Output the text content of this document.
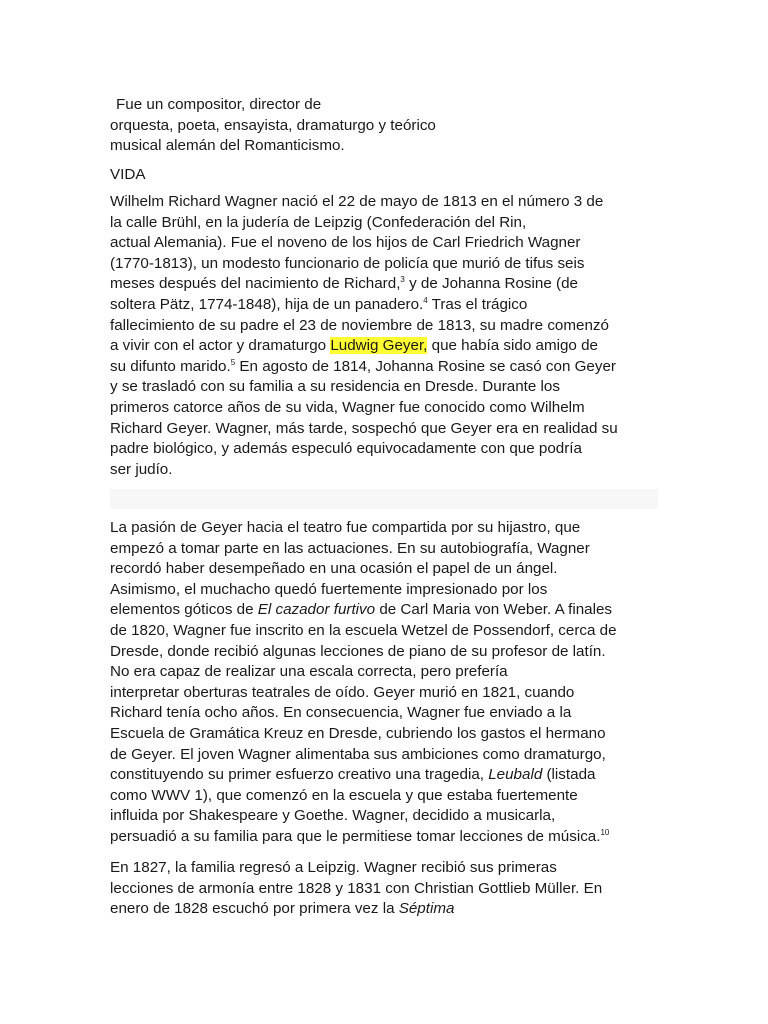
Fue un compositor, director de
orquesta, poeta, ensayista, dramaturgo y teórico
musical alemán del Romanticismo.
VIDA
Wilhelm Richard Wagner nació el 22 de mayo de 1813 en el número 3 de
la calle Brühl, en la judería de Leipzig (Confederación del Rin,
actual Alemania). Fue el noveno de los hijos de Carl Friedrich Wagner
(1770-1813), un modesto funcionario de policía que murió de tifus seis
meses después del nacimiento de Richard,$^3$ y de Johanna Rosine (de
soltera Pätz, 1774-1848), hija de un panadero.$^4$ Tras el trágico
fallecimiento de su padre el 23 de noviembre de 1813, su madre comenzó
a vivir con el actor y dramaturgo Ludwig Geyer, que había sido amigo de
su difunto marido.$^5$ En agosto de 1814, Johanna Rosine se casó con Geyer
y se trasladó con su familia a su residencia en Dresde. Durante los
primeros catorce años de su vida, Wagner fue conocido como Wilhelm
Richard Geyer. Wagner, más tarde, sospechó que Geyer era en realidad su
padre biológico, y además especuló equivocadamente con que podría
ser judío.
La pasión de Geyer hacia el teatro fue compartida por su hijastro, que
empezó a tomar parte en las actuaciones. En su autobiografía, Wagner
recordó haber desempeñado en una ocasión el papel de un ángel.
Asimismo, el muchacho quedó fuertemente impresionado por los
elementos góticos de El cazador furtivo de Carl Maria von Weber. A finales
de 1820, Wagner fue inscrito en la escuela Wetzel de Possendorf, cerca de
Dresde, donde recibió algunas lecciones de piano de su profesor de latín.
No era capaz de realizar una escala correcta, pero prefería
interpretar oberturas teatrales de oído. Geyer murió en 1821, cuando
Richard tenía ocho años. En consecuencia, Wagner fue enviado a la
Escuela de Gramática Kreuz en Dresde, cubriendo los gastos el hermano
de Geyer. El joven Wagner alimentaba sus ambiciones como dramaturgo,
constituyendo su primer esfuerzo creativo una tragedia, Leubald (listada
como WWV 1), que comenzó en la escuela y que estaba fuertemente
influida por Shakespeare y Goethe. Wagner, decidido a musicarla,
persuadió a su familia para que le permitiese tomar lecciones de música.$^{10}$
En 1827, la familia regresó a Leipzig. Wagner recibió sus primeras
lecciones de armonía entre 1828 y 1831 con Christian Gottlieb Müller. En
enero de 1828 escuchó por primera vez la Séptima
